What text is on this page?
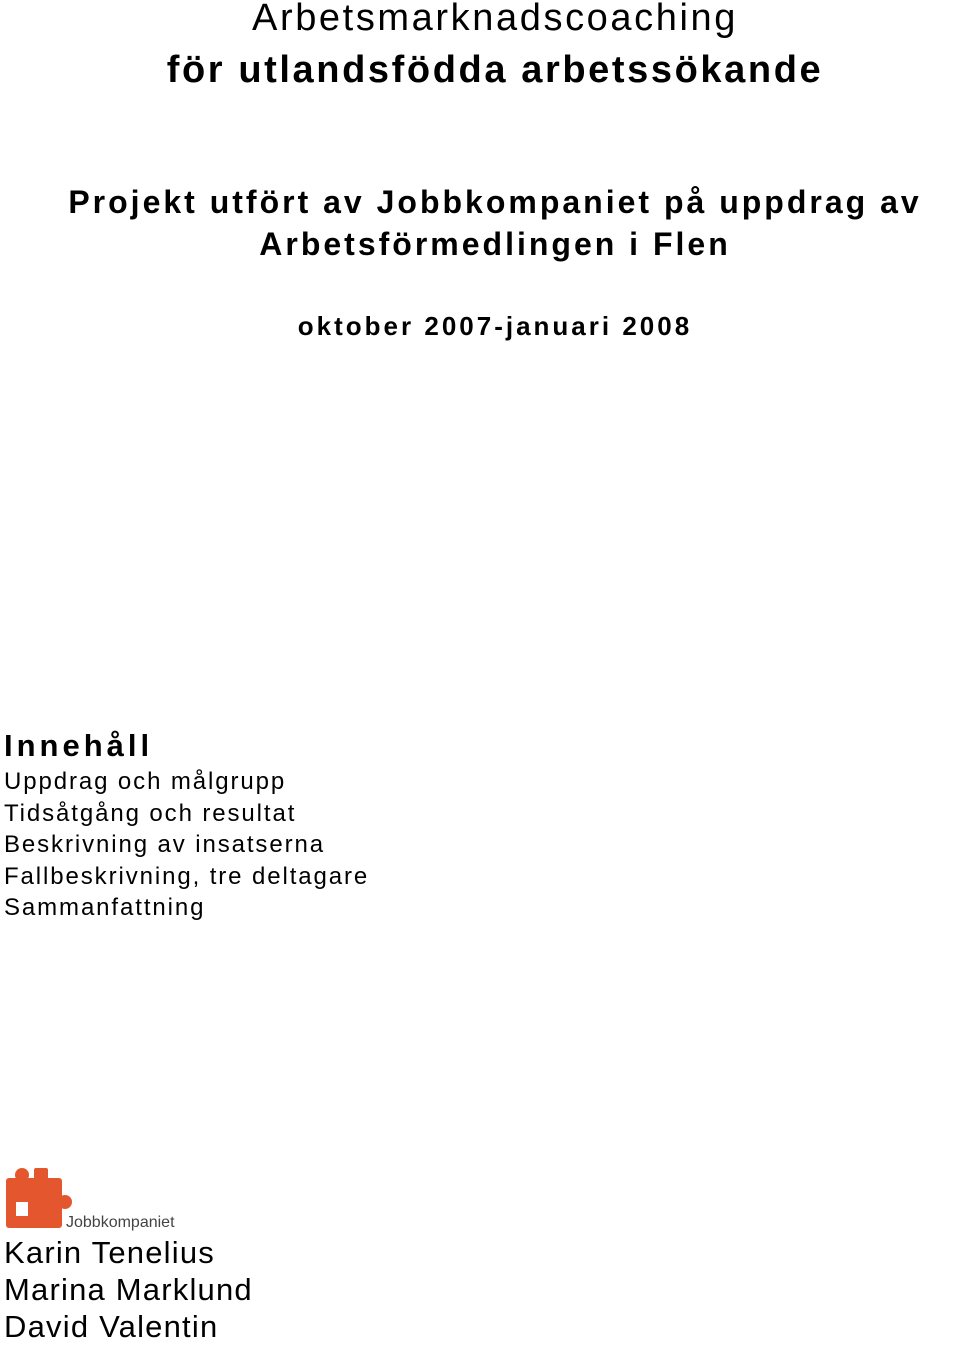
Arbetsmarknadscoaching
för utlandsfödda arbetssökande
Projekt utfört av Jobbkompaniet på uppdrag av
Arbetsförmedlingen i Flen
oktober 2007-januari 2008
Innehåll
Uppdrag och målgrupp
Tidsåtgång och resultat
Beskrivning av insatserna
Fallbeskrivning, tre deltagare
Sammanfattning
Jobbkompaniet
Karin Tenelius
Marina Marklund
David Valentin
